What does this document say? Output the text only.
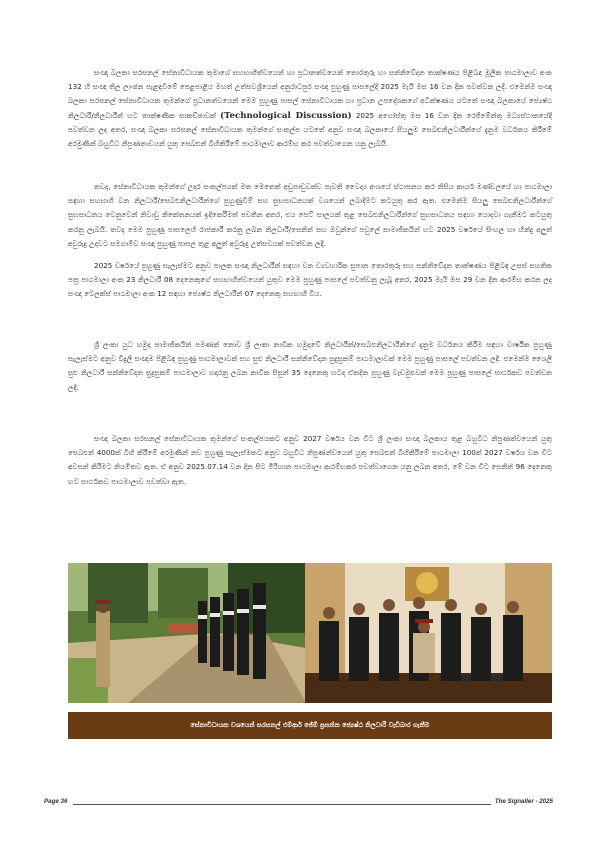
සංඥා බලකා සරසනල් සේනාවිධායක තුමාගේ සහභාගීත්වයෙන් හා ප්‍රධානත්වයෙන් තොරතුරු හා සන්නිවේදන තාක්ෂණය පිළිබඳ මූලික පාඨමාලාව අංක 132 හි සංඥා තිල ලාංඡන පැළඳවීමේ පෙළපාළිය මහත් උත්සවශ්‍රීයෙන් අනුරාධපුර සංඥා පුහුණු පාසලේදී 2025 මැයි මස 16 වන දින පවත්වන ලදී. එමෙන්ම සංඥා බලකා සරසනල් සේනාවිධායක තුමන්ගේ ප්‍රධානත්වයෙන් මෙම පුහුණු පාසල් සේනාවිධායක හා ප්‍රධාන උපදේශකගේ අධීක්ෂණය යටතේ සංඥා බලකායේ ජ්‍යෙෂ්ඨ නිලධාරී/නිලධාරීන් හට තාක්ෂණික සාකච්ඡාවක් (Technological Discussion) 2025 අගෝස්තු මස 16 වන දින රෙජිමේන්තු මධ්‍යස්ථානයේදී පවත්වන ලද අතර, සංඥා බලකා සරසනල් සේනාවිධායක තුමන්ගේ සංකල්ප යටතේ අනුව සංඥා බලකායේ සියලුම සෙබළුනිලධාරීන්ගේ දැනුම වර්ධනය කිරීමේ අරමුණින් බහුවිධ නිපුණතාවයන් යුතු සෙබළුන් බිහිකිරීමේ පාඨමාලාව ආරම්භ කර පවත්වාගෙන යනු ලැබයි.

තවද, සේනාවිධායක තුමන්ගේ උදාර සංකල්පයක් මත මෙතෙක් අඩුපාඩුවක්ව පැවති වෛද්‍ය අංශයේ ස්ථාපනය කර නිසිය කාර්ය මණ්ඩලයේ හා පාඨමාලා සඳහා සහභාගී වන නිලධාරී/සෙබළුනිලධාරීන්ගේ පුහුණුවීම් සහ සුභසාධනයක් වශයෙන් ලබාදීමට කටයුතු කර ඇත. එමෙන්ම සියලු සෙබළුනිලධාරීන්ගේ සුභසාධනය වෙනුවෙන් නිවාඩු නිකේතනයක් ඉදිකෙරීමත් පවතින අතර, එය සෙට් සාලයක් තුළ සෙබළුනිලධාරීන්ගේ සුභසාධනය සඳහා යොදවා ගැනීමට කටයුතු කරනු ලැබයි. තවද මෙම පුහුණු පාසලෙහි රාජකාරී කරනු ලබන නිලධාරී/සෙනින් සහ ඔවුන්ගේ පවුලේ සාමාජිකයින් හට 2025 වර්ෂයේ සිංහල හා හින්දු අලුත් අවුරුදු උදාවට සමගාමීව සංඥා පුහුණු පාසල තුළ අලුත් අවුරුදු උත්සවයක් පවත්වන ලදී.

2025 වර්ෂයේ පුහුණු සැලැස්මට අනුව පාලක සංඥා නිලධාරීන් සඳහා වන ව්‍යවහාරික සුපාන තොරතුරු සහ සන්නිවේදන තාක්ෂණය පිළිබඳ උසස් සහතික පත්‍ර පාඨමාලා අංක 23 නිලධාරී 08 දෙනෙකුගේ සහභාගීත්වයෙන් යුතුව මෙම පුහුණු පාසලේ පවත්වනු ලැබූ අතර, 2025 මැයි මස 29 වන දින ආරම්භ කරන ලද සංඥා ටෙලක්ස් පාඨමාලා අංක 12 සඳහා ජ්‍යෙෂ්ඨ නිලධාරීන් 07 දෙනෙකු සහභාගී විය.

ශ්‍රී ලංකා යුධ හමුදා සාමාජිකයින් පමණක් නොව ශ්‍රී ලංකා නාවික හමුදාවේ නිලධාරීන්/සෙබළුනිලධාරීන්ගේ දැනුම වර්ධනය කිරීම සඳහා වාර්ෂික පුහුණු සැලැස්මට අනුව විදුලි සංඥාම පිළිබඳ පුහුණු පාඨමාලාවක් සහ සුළු නිලධාරී සන්නිවේදන සුදුසුකම් පාඨමාලාවක් මෙම පුහුණු පාසලේ පවත්වන ලදී. එමෙන්ම ශෛලි සුළු නිලධාරී සන්නිවේදන සුදුසුකම් පාඨමාලාව හදාරනු ලබන නාවික සිසුන් 35 දෙනෙකු හටද ඒකදින පුහුණු වැඩමුළුවක් මෙම පුහුණු පාසලේ සාර්ථකව පවත්වන ලදී.

සංඥා බලකා සරසනල් සේනාවිධායක තුමන්ගේ සංකල්පයකට අනුව 2027 වර්ෂය වන විට ශ්‍රී ලංකා සංඥා බලකාය තුළ බහුවිධ නිපුණත්වයෙන් යුතු සෙබළුන් 4000ක් බිහි කිරීමේ අරමුණින් නව පුහුණු සැලැස්මකට අනුව බහුවිධ නිපුණත්වයෙන් යුතු සෙබළුන් බිහිකිරීමේ පාඨමාලා 100ක් 2027 වර්ෂය වන විට අවසන් කිරීමට නියමිතව ඇත. ඒ අනුව 2025.07.14 වන දින සිට මිරිහාන පාඨමාලා ආරම්භකර පවත්වාගෙන යනු ලබන අතර, මේ වන විට සෙනින් 96 දෙනෙකු හට සාර්ථකව පාඨමාලාව පවත්වා ඇත.

සේනාවිධායක වශයෙන් සරසනල් එම්ආර් ජේම් ප්‍රසන්න ජ්‍යෙෂ්ඨ නිලධාරී වැඩිබාර ගැනීම
Page 36	The Signaller - 2025
